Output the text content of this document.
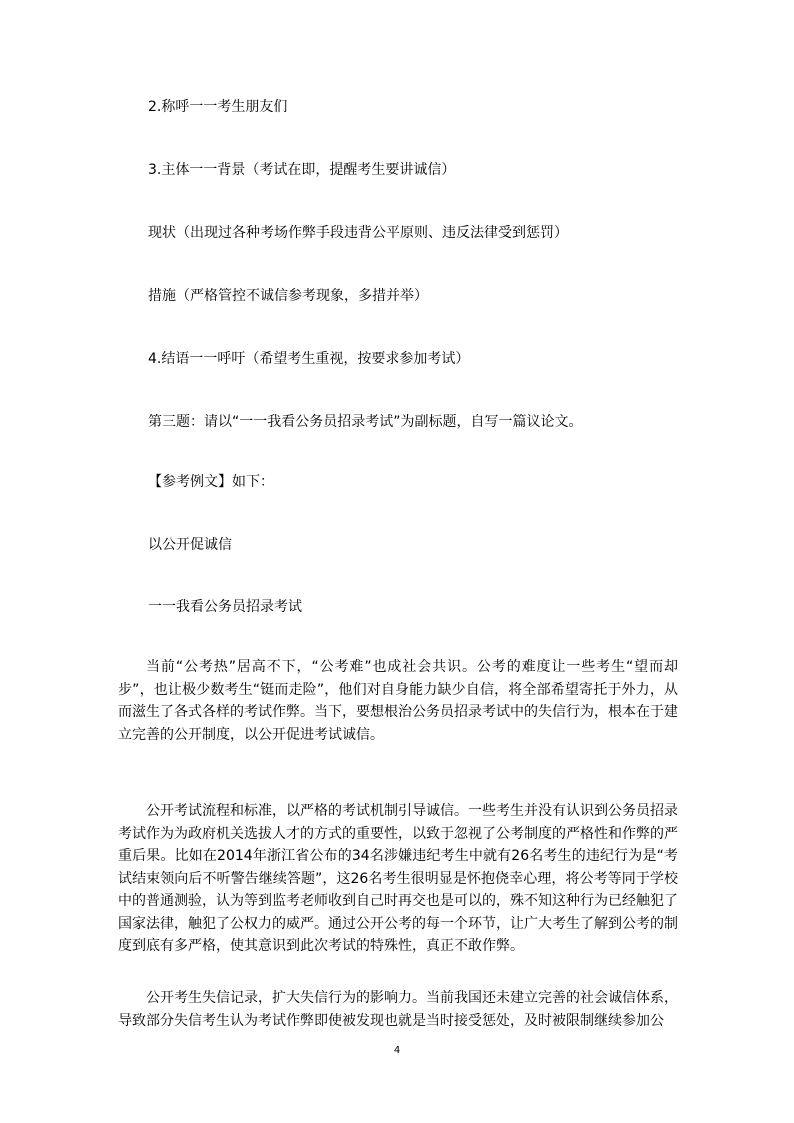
2.称呼一一考生朋友们
3.主体一一背景（考试在即，提醒考生要讲诚信）
现状（出现过各种考场作弊手段违背公平原则、违反法律受到惩罚）
措施（严格管控不诚信参考现象，多措并举）
4.结语一一呼吁（希望考生重视，按要求参加考试）
第三题：请以“一一我看公务员招录考试”为副标题，自写一篇议论文。
【参考例文】如下：
以公开促诚信
一一我看公务员招录考试
当前“公考热”居高不下，“公考难”也成社会共识。公考的难度让一些考生“望而却步”，也让极少数考生“铤而走险”，他们对自身能力缺少自信，将全部希望寄托于外力，从而滋生了各式各样的考试作弊。当下，要想根治公务员招录考试中的失信行为，根本在于建立完善的公开制度，以公开促进考试诚信。
公开考试流程和标准，以严格的考试机制引导诚信。一些考生并没有认识到公务员招录考试作为为政府机关选拔人才的方式的重要性，以致于忽视了公考制度的严格性和作弊的严重后果。比如在2014年浙江省公布的34名涉嫌违纪考生中就有26名考生的违纪行为是“考试结束领向后不听警告继续答题”，这26名考生很明显是怀抱侥幸心理，将公考等同于学校中的普通测验，认为等到监考老师收到自己时再交也是可以的，殊不知这种行为已经触犯了国家法律，触犯了公权力的威严。通过公开公考的每一个环节，让广大考生了解到公考的制度到底有多严格，使其意识到此次考试的特殊性，真正不敢作弊。
公开考生失信记录，扩大失信行为的影响力。当前我国还未建立完善的社会诚信体系，导致部分失信考生认为考试作弊即使被发现也就是当时接受惩处，及时被限制继续参加公
4
